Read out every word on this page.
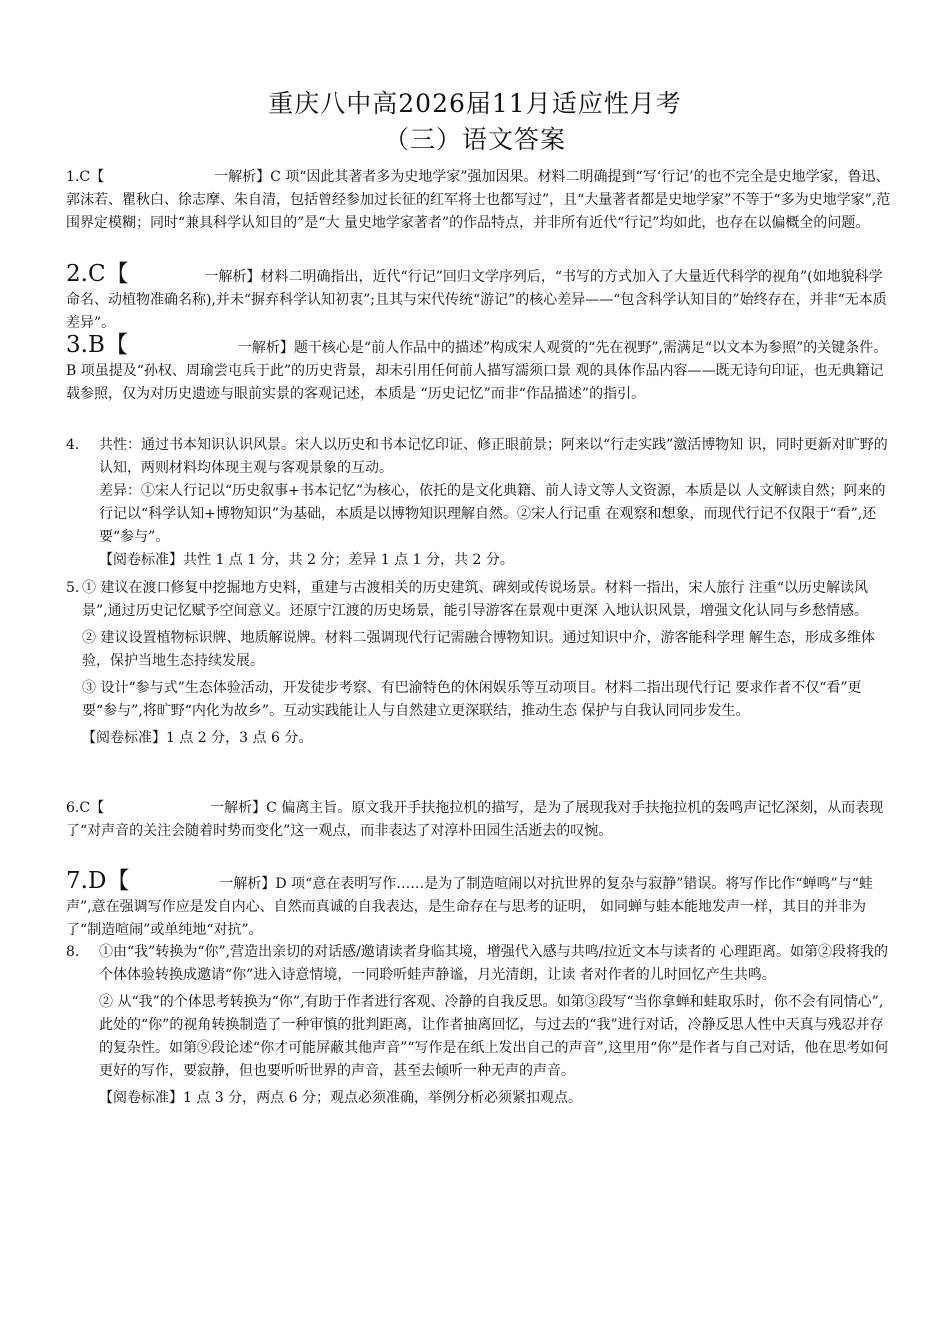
重庆八中高2026届11月适应性月考
（三）语文答案

1.C【	一解析】C 项“因此其著者多为史地学家”强加因果。材料二明确提到“写‘行记’的也不完全是史地学家，鲁迅、郭沫若、瞿秋白、徐志摩、朱自清，包括曾经参加过长征的红军将士也都写过”，且“大量著者都是史地学家”不等于“多为史地学家”,范围界定模糊；同时“兼具科学认知目的”是“大 量史地学家著者”的作品特点，并非所有近代“行记”均如此，也存在以偏概全的问题。

2.C【	一解析】材料二明确指出，近代“行记”回归文学序列后，“书写的方式加入了大量近代科学的视角”(如地貌科学命名、动植物准确名称),并未“摒弃科学认知初衷”;且其与宋代传统“游记”的核心差异——“包含科学认知目的”始终存在，并非“无本质差异”。

3.B【	一解析】题干核心是“前人作品中的描述”构成宋人观赏的“先在视野”,需满足“以文本为参照”的关键条件。B 项虽提及“孙权、周瑜尝屯兵于此”的历史背景，却未引用任何前人描写濡须口景 观的具体作品内容——既无诗句印证，也无典籍记载参照，仅为对历史遗迹与眼前实景的客观记述，本质是 “历史记忆”而非“作品描述”的指引。

4.	共性：通过书本知识认识风景。宋人以历史和书本记忆印证、修正眼前景；阿来以“行走实践”激活博物知 识，同时更新对旷野的认知，两则材料均体现主观与客观景象的互动。

差异：①宋人行记以“历史叙事+书本记忆”为核心，依托的是文化典籍、前人诗文等人文资源，本质是以 人文解读自然；阿来的行记以“科学认知+博物知识”为基础，本质是以博物知识理解自然。②宋人行记重 在观察和想象，而现代行记不仅限于“看”,还要“参与”。

【阅卷标准】共性 1 点 1 分，共 2 分；差异 1 点 1 分，共 2 分。

5. ① 建议在渡口修复中挖掘地方史料，重建与古渡相关的历史建筑、碑刻或传说场景。材料一指出，宋人旅行 注重“以历史解读风景”,通过历史记忆赋予空间意义。还原宁江渡的历史场景，能引导游客在景观中更深 入地认识风景，增强文化认同与乡愁情感。

② 建议设置植物标识牌、地质解说牌。材料二强调现代行记需融合博物知识。通过知识中介，游客能科学理 解生态，形成多维体验，保护当地生态持续发展。

③ 设计“参与式”生态体验活动，开发徒步考察、有巴渝特色的休闲娱乐等互动项目。材料二指出现代行记 要求作者不仅“看”更要“参与”,将旷野“内化为故乡”。互动实践能让人与自然建立更深联结，推动生态 保护与自我认同同步发生。

【阅卷标准】1 点 2 分，3 点 6 分。

6.C【	一解析】C 偏离主旨。原文我开手扶拖拉机的描写，是为了展现我对手扶拖拉机的轰鸣声记忆深刻，从而表现了“对声音的关注会随着时势而变化”这一观点，而非表达了对淳朴田园生活逝去的叹惋。

7.D【	一解析】D 项“意在表明写作……是为了制造喧闹以对抗世界的复杂与寂静”错误。将写作比作“蝉鸣”与“蛙声”,意在强调写作应是发自内心、自然而真诚的自我表达，是生命存在与思考的证明， 如同蝉与蛙本能地发声一样，其目的并非为了“制造喧闹”或单纯地“对抗”。

8.	①由“我”转换为“你”,营造出亲切的对话感/邀请读者身临其境，增强代入感与共鸣/拉近文本与读者的 心理距离。如第②段将我的个体体验转换成邀请“你”进入诗意情境，一同聆听蛙声静谧，月光清朗，让读 者对作者的儿时回忆产生共鸣。

② 从“我”的个体思考转换为“你”,有助于作者进行客观、冷静的自我反思。如第③段写“当你拿蝉和蛙取乐时，你不会有同情心”,此处的“你”的视角转换制造了一种审慎的批判距离，让作者抽离回忆，与过去的“我”进行对话，冷静反思人性中天真与残忍并存的复杂性。如第⑨段论述“你才可能屏蔽其他声音”“写作是在纸上发出自己的声音”,这里用“你”是作者与自己对话，他在思考如何更好的写作，要寂静，但也要听听世界的声音，甚至去倾听一种无声的声音。

【阅卷标准】1 点 3 分，两点 6 分；观点必须准确，举例分析必须紧扣观点。
